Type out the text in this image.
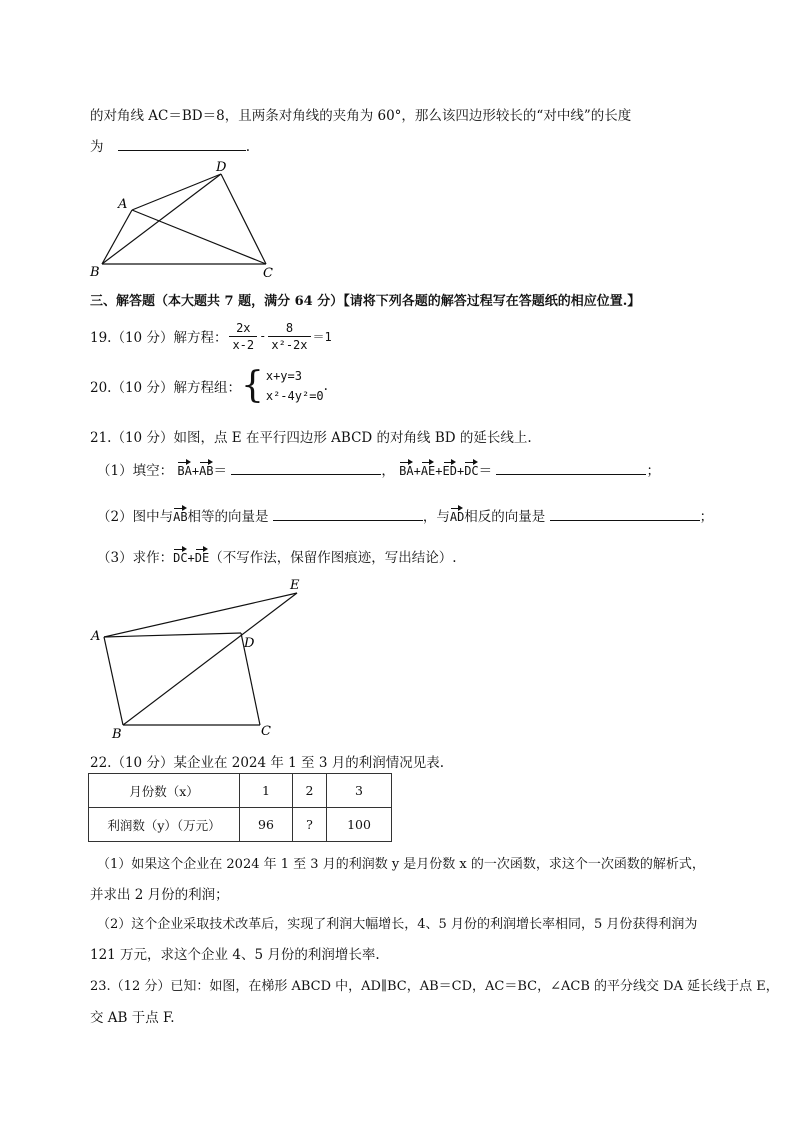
的对角线 AC＝BD＝8，且两条对角线的夹角为 60°，那么该四边形较长的“对中线”的长度
为	.
A
B	C
D
三、解答题（本大题共 7 题，满分 64 分）【请将下列各题的解答过程写在答题纸的相应位置.】
19.（10 分）解方程： $\frac{2x}{x-2} - \frac{8}{\text{x²-2x}} =1$
20.（10 分）解方程组： { x+y=3
x²-4y²=0
.
21.（10 分）如图，点 E 在平行四边形 ABCD 的对角线 BD 的延长线上.
（1）填空： BA+AB＝	， BA+AE+ED+DC＝	；
（2）图中与AB相等的向量是	，与AD相反的向量是	；
（3）求作：DC+DE（不写作法，保留作图痕迹，写出结论）.
A
B	C
D
E
22.（10 分）某企业在 2024 年 1 至 3 月的利润情况见表.
月份数（x）	1	2	3
利润数（y）（万元）	96	?	100
（1）如果这个企业在 2024 年 1 至 3 月的利润数 y 是月份数 x 的一次函数，求这个一次函数的解析式，
并求出 2 月份的利润；
（2）这个企业采取技术改革后，实现了利润大幅增长，4、5 月份的利润增长率相同，5 月份获得利润为
121 万元，求这个企业 4、5 月份的利润增长率.
23.（12 分）已知：如图，在梯形 ABCD 中，AD∥BC，AB＝CD，AC＝BC，∠ACB 的平分线交 DA 延长线于点 E，
交 AB 于点 F.
